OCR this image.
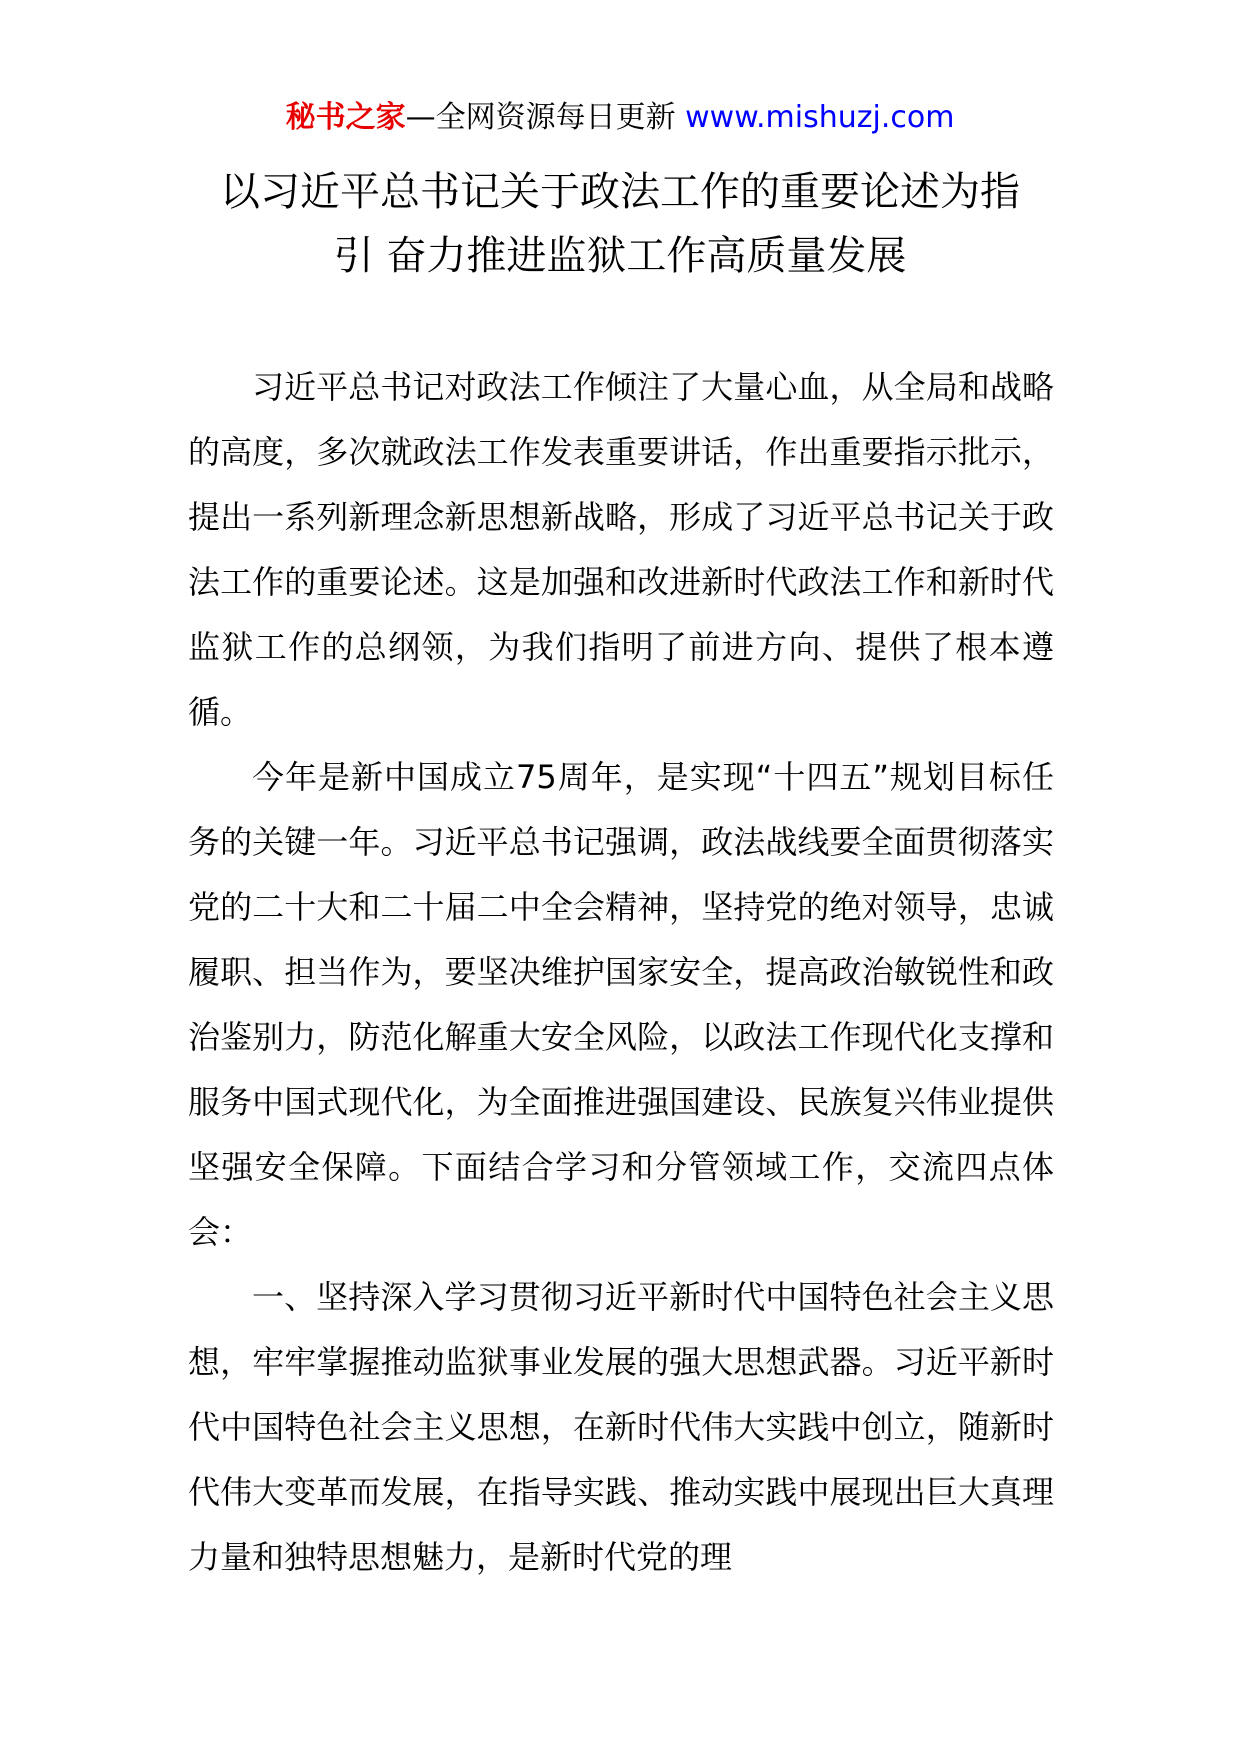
秘书之家—全网资源每日更新 www.mishuzj.com
以习近平总书记关于政法工作的重要论述为指
引 奋力推进监狱工作高质量发展

习近平总书记对政法工作倾注了大量心血，从全局和战略的高度，多次就政法工作发表重要讲话，作出重要指示批示，提出一系列新理念新思想新战略，形成了习近平总书记关于政法工作的重要论述。这是加强和改进新时代政法工作和新时代监狱工作的总纲领，为我们指明了前进方向、提供了根本遵循。

今年是新中国成立75周年，是实现“十四五”规划目标任务的关键一年。习近平总书记强调，政法战线要全面贯彻落实党的二十大和二十届二中全会精神，坚持党的绝对领导，忠诚履职、担当作为，要坚决维护国家安全，提高政治敏锐性和政治鉴别力，防范化解重大安全风险，以政法工作现代化支撑和服务中国式现代化，为全面推进强国建设、民族复兴伟业提供坚强安全保障。下面结合学习和分管领域工作，交流四点体会：

一、坚持深入学习贯彻习近平新时代中国特色社会主义思想，牢牢掌握推动监狱事业发展的强大思想武器。习近平新时代中国特色社会主义思想，在新时代伟大实践中创立，随新时代伟大变革而发展，在指导实践、推动实践中展现出巨大真理力量和独特思想魅力，是新时代党的理
